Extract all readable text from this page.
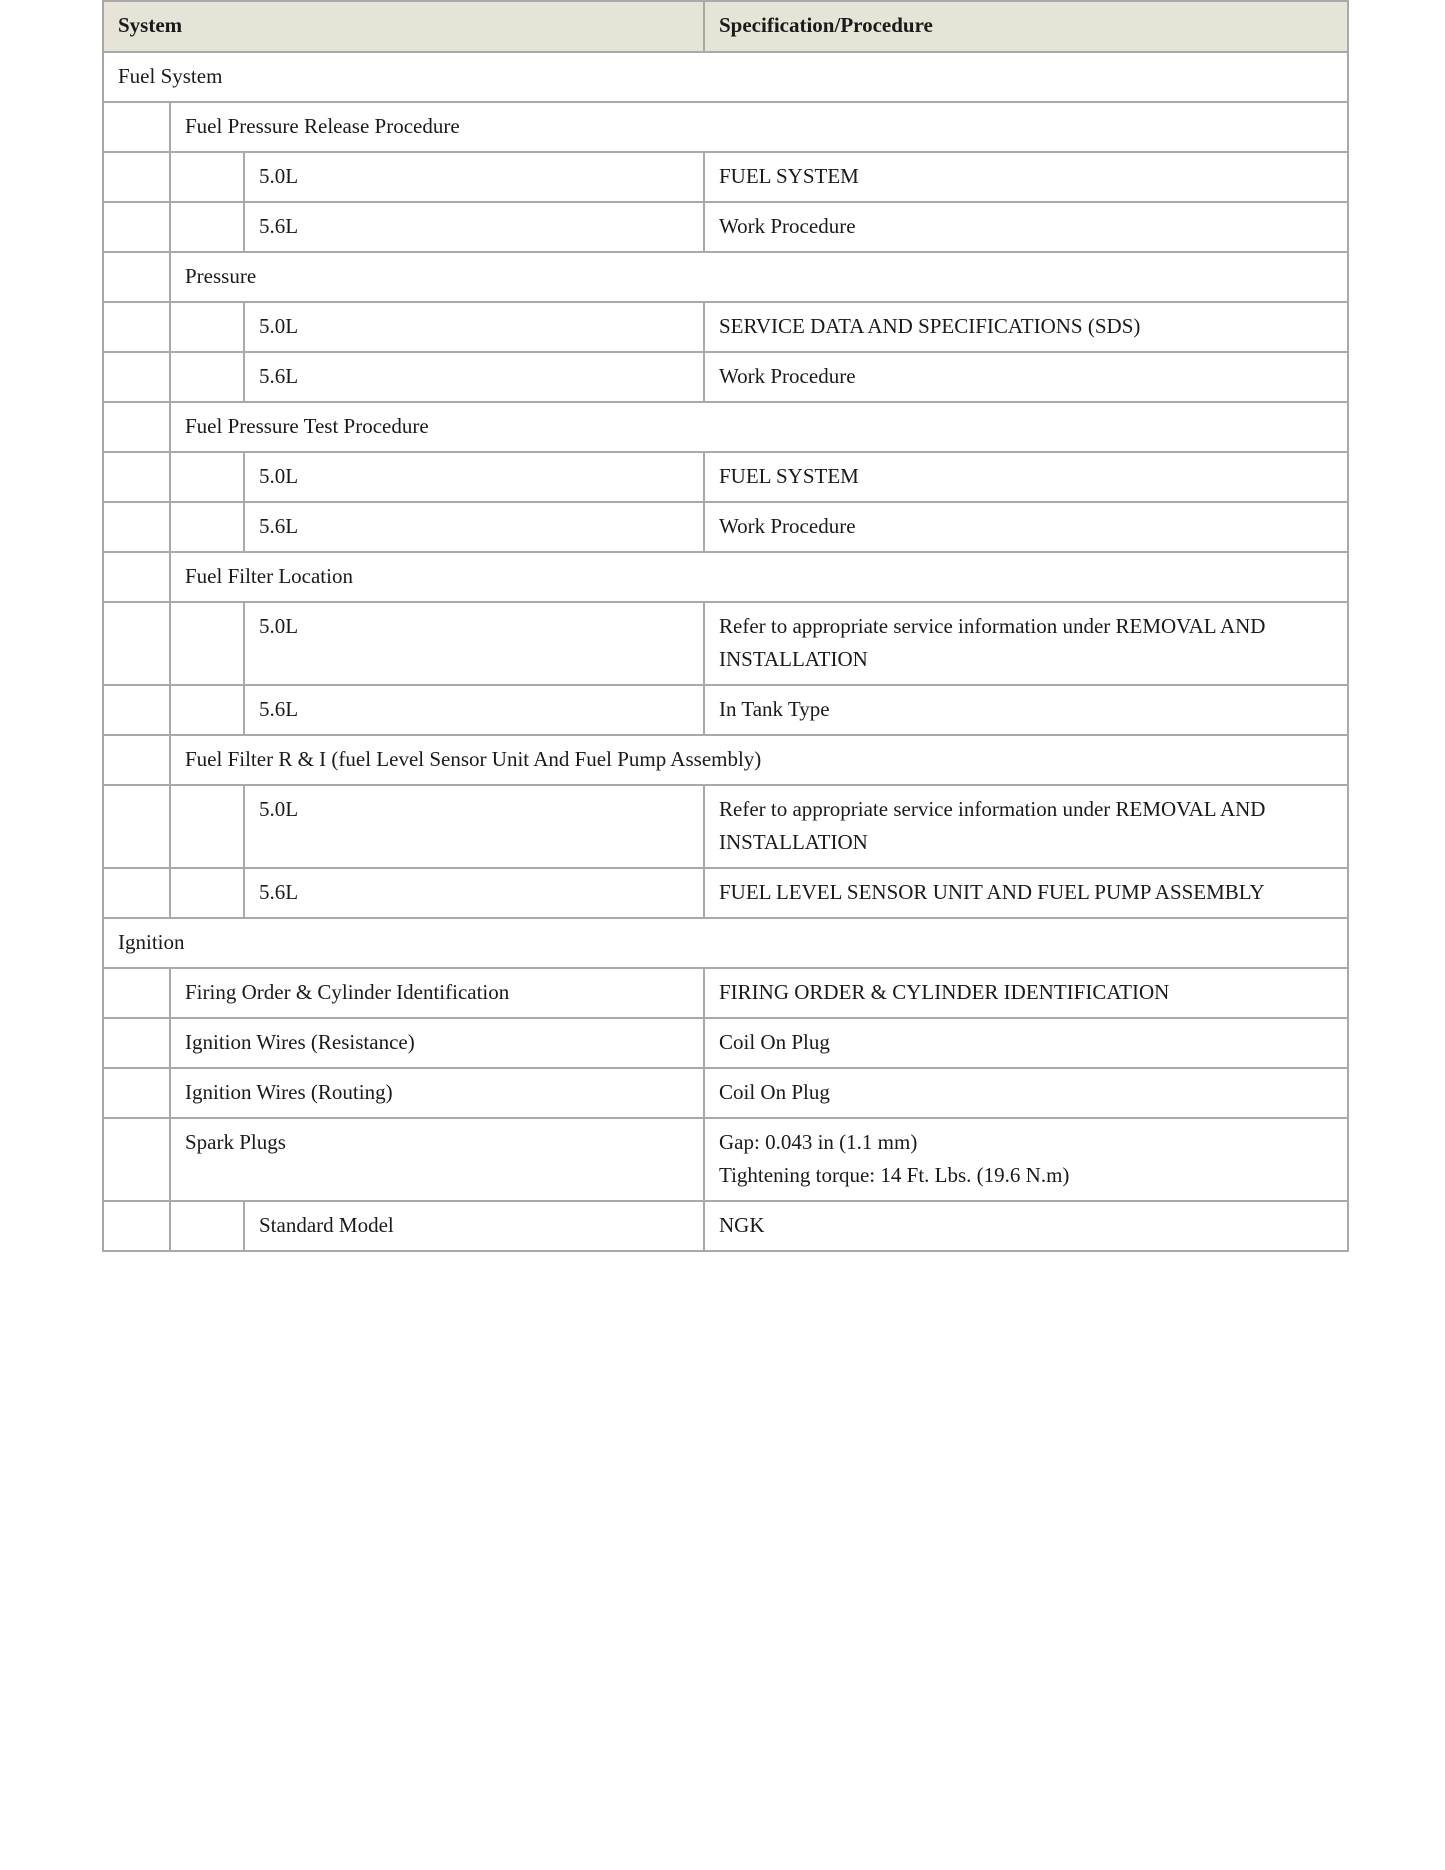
System			Specification/Procedure
Fuel System			
	Fuel Pressure Release Procedure		
		5.0L	FUEL SYSTEM
		5.6L	Work Procedure
	Pressure		
		5.0L	SERVICE DATA AND SPECIFICATIONS (SDS)
		5.6L	Work Procedure
	Fuel Pressure Test Procedure		
		5.0L	FUEL SYSTEM
		5.6L	Work Procedure
	Fuel Filter Location		
		5.0L	Refer to appropriate service information under REMOVAL AND INSTALLATION
		5.6L	In Tank Type
	Fuel Filter R & I (fuel Level Sensor Unit And Fuel Pump Assembly)		
		5.0L	Refer to appropriate service information under REMOVAL AND INSTALLATION
		5.6L	FUEL LEVEL SENSOR UNIT AND FUEL PUMP ASSEMBLY
Ignition			
	Firing Order & Cylinder Identification		FIRING ORDER & CYLINDER IDENTIFICATION
	Ignition Wires (Resistance)		Coil On Plug
	Ignition Wires (Routing)		Coil On Plug
	Spark Plugs		Gap: 0.043 in (1.1 mm)
Tightening torque: 14 Ft. Lbs. (19.6 N.m)

		Standard Model	NGK
